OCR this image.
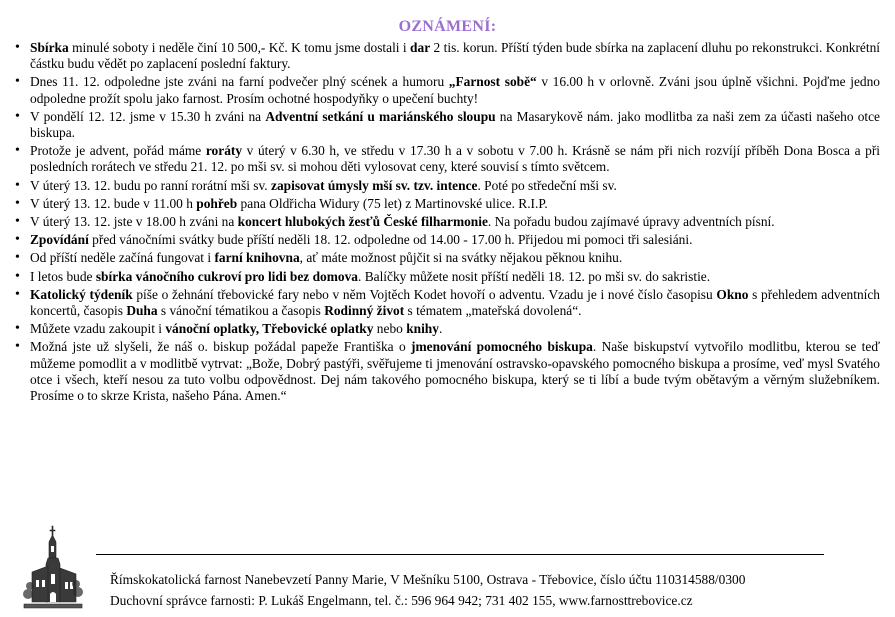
OZNÁMENÍ:
• Sbírka minulé soboty i neděle činí 10 500,- Kč. K tomu jsme dostali i dar 2 tis. korun. Příští týden bude sbírka na zaplacení dluhu po rekonstrukci. Konkrétní částku budu vědět po zaplacení poslední faktury.
• Dnes 11. 12. odpoledne jste zváni na farní podvečer plný scének a humoru „Farnost sobě“ v 16.00 h v orlovně. Zváni jsou úplně všichni. Pojďme jedno odpoledne prožít spolu jako farnost. Prosím ochotné hospodyňky o upečení buchty!
• V pondělí 12. 12. jsme v 15.30 h zváni na Adventní setkání u mariánského sloupu na Masarykově nám. jako modlitba za naši zem za účasti našeho otce biskupa.
• Protože je advent, pořád máme roráty v úterý v 6.30 h, ve středu v 17.30 h a v sobotu v 7.00 h. Krásně se nám při nich rozvíjí příběh Dona Bosca a při posledních rorátech ve středu 21. 12. po mši sv. si mohou děti vylosovat ceny, které souvisí s tímto světcem.
• V úterý 13. 12. budu po ranní rorátní mši sv. zapisovat úmysly mší sv. tzv. intence. Poté po středeční mši sv.
• V úterý 13. 12. bude v 11.00 h pohřeb pana Oldřicha Widury (75 let) z Martinovské ulice. R.I.P.
• V úterý 13. 12. jste v 18.00 h zváni na koncert hlubokých žesťů České filharmonie. Na pořadu budou zajímavé úpravy adventních písní.
• Zpovídání před vánočními svátky bude příští neděli 18. 12. odpoledne od 14.00 - 17.00 h. Přijedou mi pomoci tři salesiáni.
• Od příští neděle začíná fungovat i farní knihovna, ať máte možnost půjčit si na svátky nějakou pěknou knihu.
• I letos bude sbírka vánočního cukroví pro lidi bez domova. Balíčky můžete nosit příští neděli 18. 12. po mši sv. do sakristie.
• Katolický týdeník píše o žehnání třebovické fary nebo v něm Vojtěch Kodet hovoří o adventu. Vzadu je i nové číslo časopisu Okno s přehledem adventních koncertů, časopis Duha s vánoční tématikou a časopis Rodinný život s tématem „mateřská dovolená“.
• Můžete vzadu zakoupit i vánoční oplatky, Třebovické oplatky nebo knihy.
• Možná jste už slyšeli, že náš o. biskup požádal papeže Františka o jmenování pomocného biskupa. Naše biskupství vytvořilo modlitbu, kterou se teď můžeme pomodlit a v modlitbě vytrvat: „Bože, Dobrý pastýři, svěřujeme ti jmenování ostravsko-opavského pomocného biskupa a prosíme, veď mysl Svatého otce i všech, kteří nesou za tuto volbu odpovědnost. Dej nám takového pomocného biskupa, který se ti líbí a bude tvým obětavým a věrným služebníkem. Prosíme o to skrze Krista, našeho Pána. Amen.“
Římskokatolická farnost Nanebevzetí Panny Marie, V Mešníku 5100, Ostrava - Třebovice, číslo účtu 110314588/0300
Duchovní správce farnosti: P. Lukáš Engelmann, tel. č.: 596 964 942; 731 402 155, www.farnosttrebovice.cz
